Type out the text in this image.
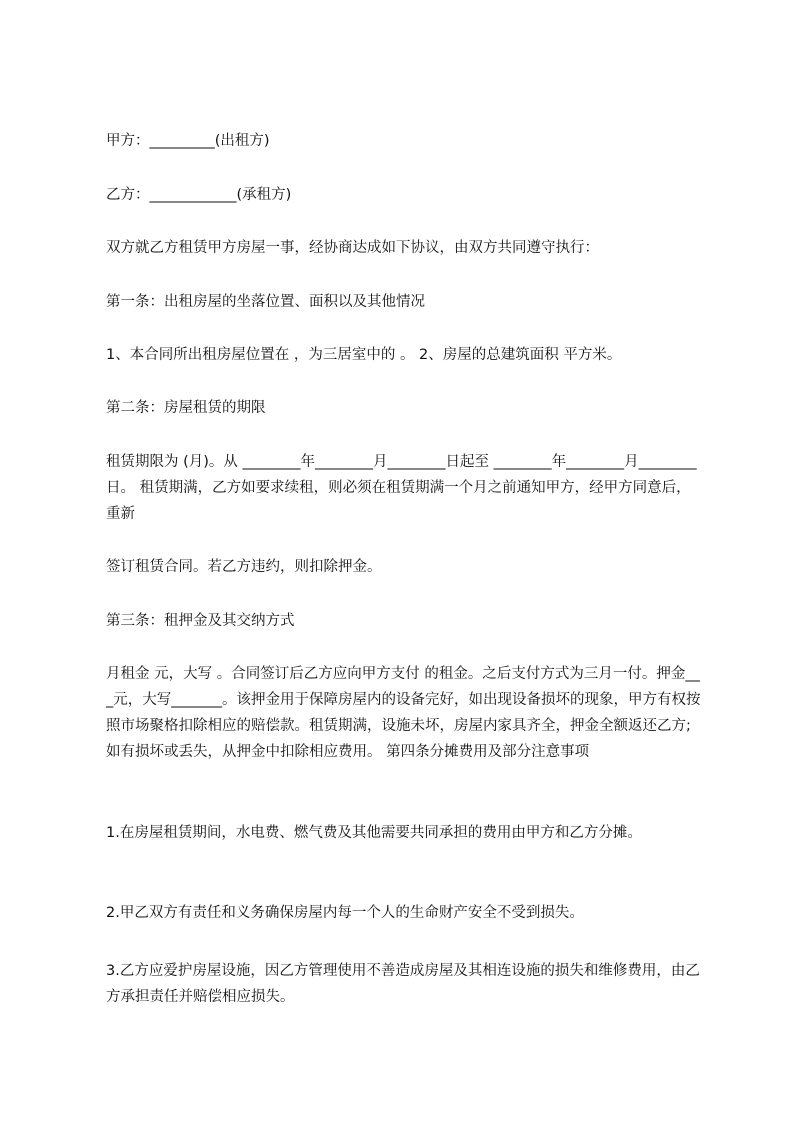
甲方：_________(出租方)
乙方：____________(承租方)
双方就乙方租赁甲方房屋一事，经协商达成如下协议，由双方共同遵守执行：
第一条：出租房屋的坐落位置、面积以及其他情况
1、本合同所出租房屋位置在 ，为三居室中的 。 2、房屋的总建筑面积 平方米。
第二条：房屋租赁的期限
租赁期限为 (月)。从 ________年________月________日起至 ________年________月________日。 租赁期满，乙方如要求续租，则必须在租赁期满一个月之前通知甲方，经甲方同意后，重新
签订租赁合同。若乙方违约，则扣除押金。
第三条：租押金及其交纳方式
月租金 元，大写 。合同签订后乙方应向甲方支付 的租金。之后支付方式为三月一付。押金___元，大写_______。该押金用于保障房屋内的设备完好，如出现设备损坏的现象，甲方有权按照市场聚格扣除相应的赔偿款。租赁期满，设施未坏，房屋内家具齐全，押金全额返还乙方;如有损坏或丢失，从押金中扣除相应费用。 第四条分摊费用及部分注意事项
1.在房屋租赁期间，水电费、燃气费及其他需要共同承担的费用由甲方和乙方分摊。
2.甲乙双方有责任和义务确保房屋内每一个人的生命财产安全不受到损失。
3.乙方应爱护房屋设施，因乙方管理使用不善造成房屋及其相连设施的损失和维修费用，由乙方承担责任并赔偿相应损失。
